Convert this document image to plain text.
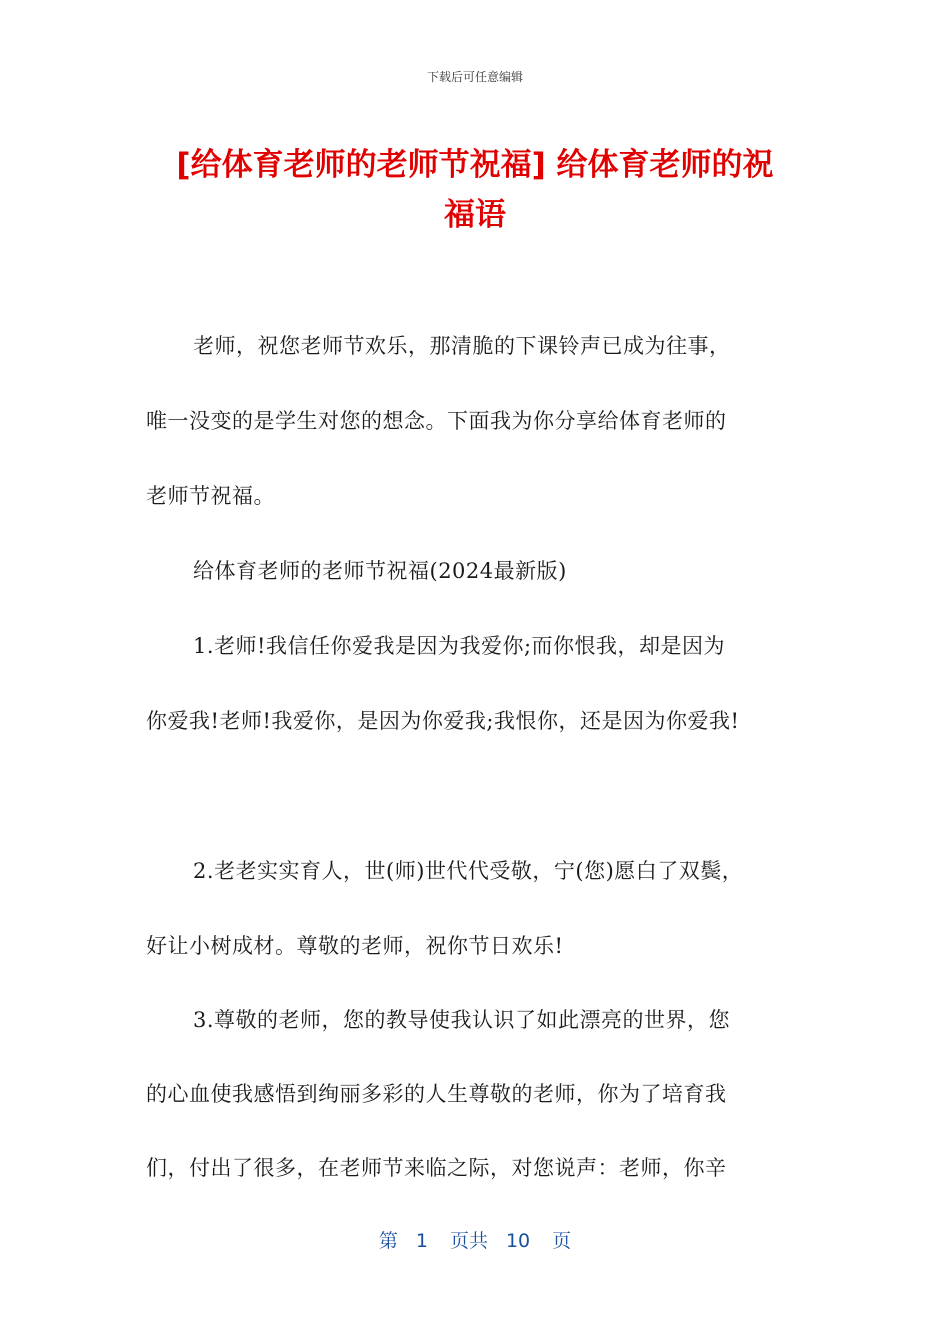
下载后可任意编辑
[给体育老师的老师节祝福] 给体育老师的祝
福语
老师，祝您老师节欢乐，那清脆的下课铃声已成为往事，
唯一没变的是学生对您的想念。下面我为你分享给体育老师的
老师节祝福。
给体育老师的老师节祝福(2024最新版)
1.老师!我信任你爱我是因为我爱你;而你恨我，却是因为
你爱我!老师!我爱你，是因为你爱我;我恨你，还是因为你爱我!
2.老老实实育人，世(师)世代代受敬，宁(您)愿白了双鬓，
好让小树成材。尊敬的老师，祝你节日欢乐!
3.尊敬的老师，您的教导使我认识了如此漂亮的世界，您
的心血使我感悟到绚丽多彩的人生尊敬的老师，你为了培育我
们，付出了很多，在老师节来临之际，对您说声：老师，你辛
第 1 页共 10 页
